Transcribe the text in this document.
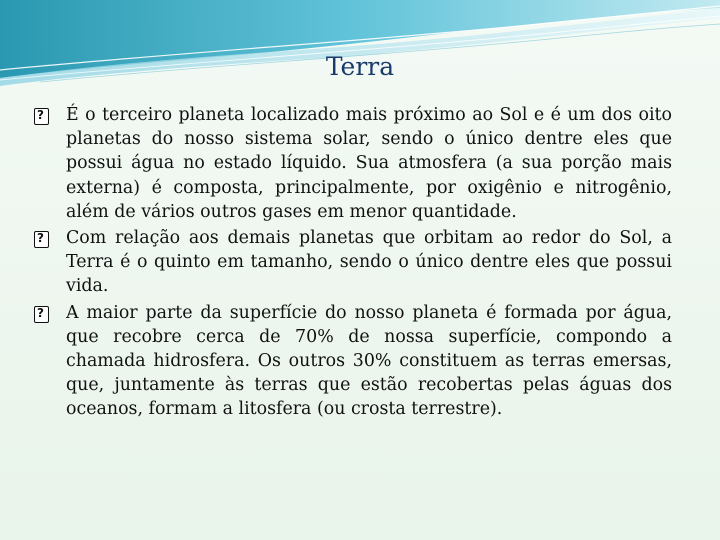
Terra

? É o terceiro planeta localizado mais próximo ao Sol e é um dos oito planetas do nosso sistema solar, sendo o único dentre eles que possui água no estado líquido. Sua atmosfera (a sua porção mais externa) é composta, principalmente, por oxigênio e nitrogênio, além de vários outros gases em menor quantidade.

? Com relação aos demais planetas que orbitam ao redor do Sol, a Terra é o quinto em tamanho, sendo o único dentre eles que possui vida.

? A maior parte da superfície do nosso planeta é formada por água, que recobre cerca de 70% de nossa superfície, compondo a chamada hidrosfera. Os outros 30% constituem as terras emersas, que, juntamente às terras que estão recobertas pelas águas dos oceanos, formam a litosfera (ou crosta terrestre).
